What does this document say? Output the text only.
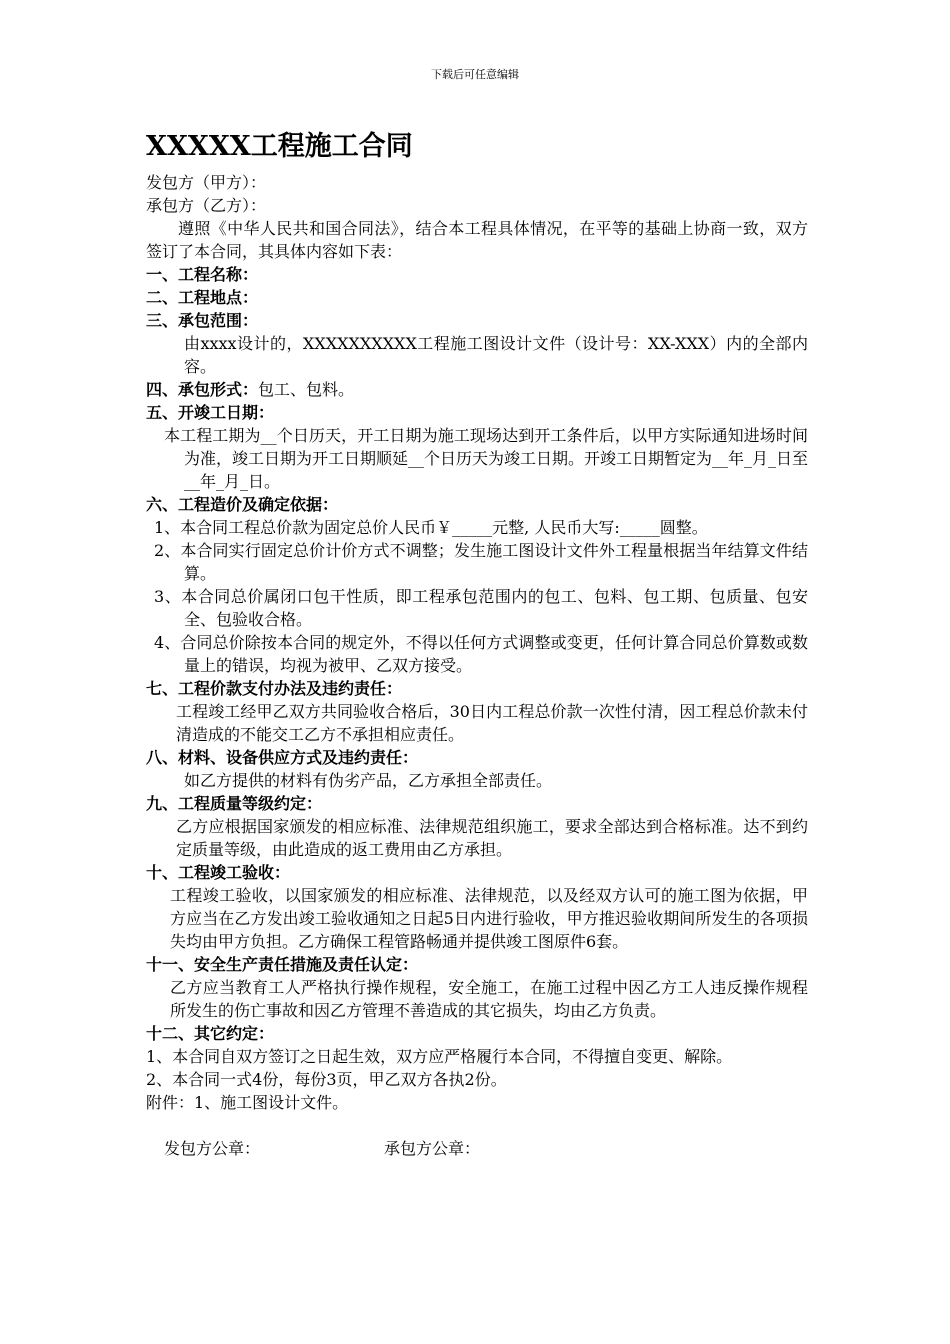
下载后可任意编辑
XXXXX工程施工合同

发包方（甲方）：

承包方（乙方）：

遵照《中华人民共和国合同法》，结合本工程具体情况，在平等的基础上协商一致，双方签订了本合同，其具体内容如下表：

一、工程名称：

二、工程地点：

三、承包范围：

由xxxx设计的，XXXXXXXXXX工程施工图设计文件（设计号：XX-XXX）内的全部内容。

四、承包形式：包工、包料。

五、开竣工日期：

本工程工期为__个日历天，开工日期为施工现场达到开工条件后，以甲方实际通知进场时间为准，竣工日期为开工日期顺延__个日历天为竣工日期。开竣工日期暂定为__年_月_日至__年_月_日。

六、工程造价及确定依据：

1、本合同工程总价款为固定总价人民币￥_____元整, 人民币大写:_____圆整。

2、本合同实行固定总价计价方式不调整；发生施工图设计文件外工程量根据当年结算文件结算。

3、本合同总价属闭口包干性质，即工程承包范围内的包工、包料、包工期、包质量、包安全、包验收合格。

4、合同总价除按本合同的规定外，不得以任何方式调整或变更，任何计算合同总价算数或数量上的错误，均视为被甲、乙双方接受。

七、工程价款支付办法及违约责任：

工程竣工经甲乙双方共同验收合格后，30日内工程总价款一次性付清，因工程总价款未付清造成的不能交工乙方不承担相应责任。

八、材料、设备供应方式及违约责任：

如乙方提供的材料有伪劣产品，乙方承担全部责任。

九、工程质量等级约定：

乙方应根据国家颁发的相应标准、法律规范组织施工，要求全部达到合格标准。达不到约定质量等级，由此造成的返工费用由乙方承担。

十、工程竣工验收：

工程竣工验收，以国家颁发的相应标准、法律规范，以及经双方认可的施工图为依据，甲方应当在乙方发出竣工验收通知之日起5日内进行验收，甲方推迟验收期间所发生的各项损失均由甲方负担。乙方确保工程管路畅通并提供竣工图原件6套。

十一、安全生产责任措施及责任认定：

乙方应当教育工人严格执行操作规程，安全施工，在施工过程中因乙方工人违反操作规程所发生的伤亡事故和因乙方管理不善造成的其它损失，均由乙方负责。

十二、其它约定：

1、本合同自双方签订之日起生效，双方应严格履行本合同，不得擅自变更、解除。

2、本合同一式4份，每份3页，甲乙双方各执2份。

附件：1、施工图设计文件。

发包方公章：	承包方公章：
